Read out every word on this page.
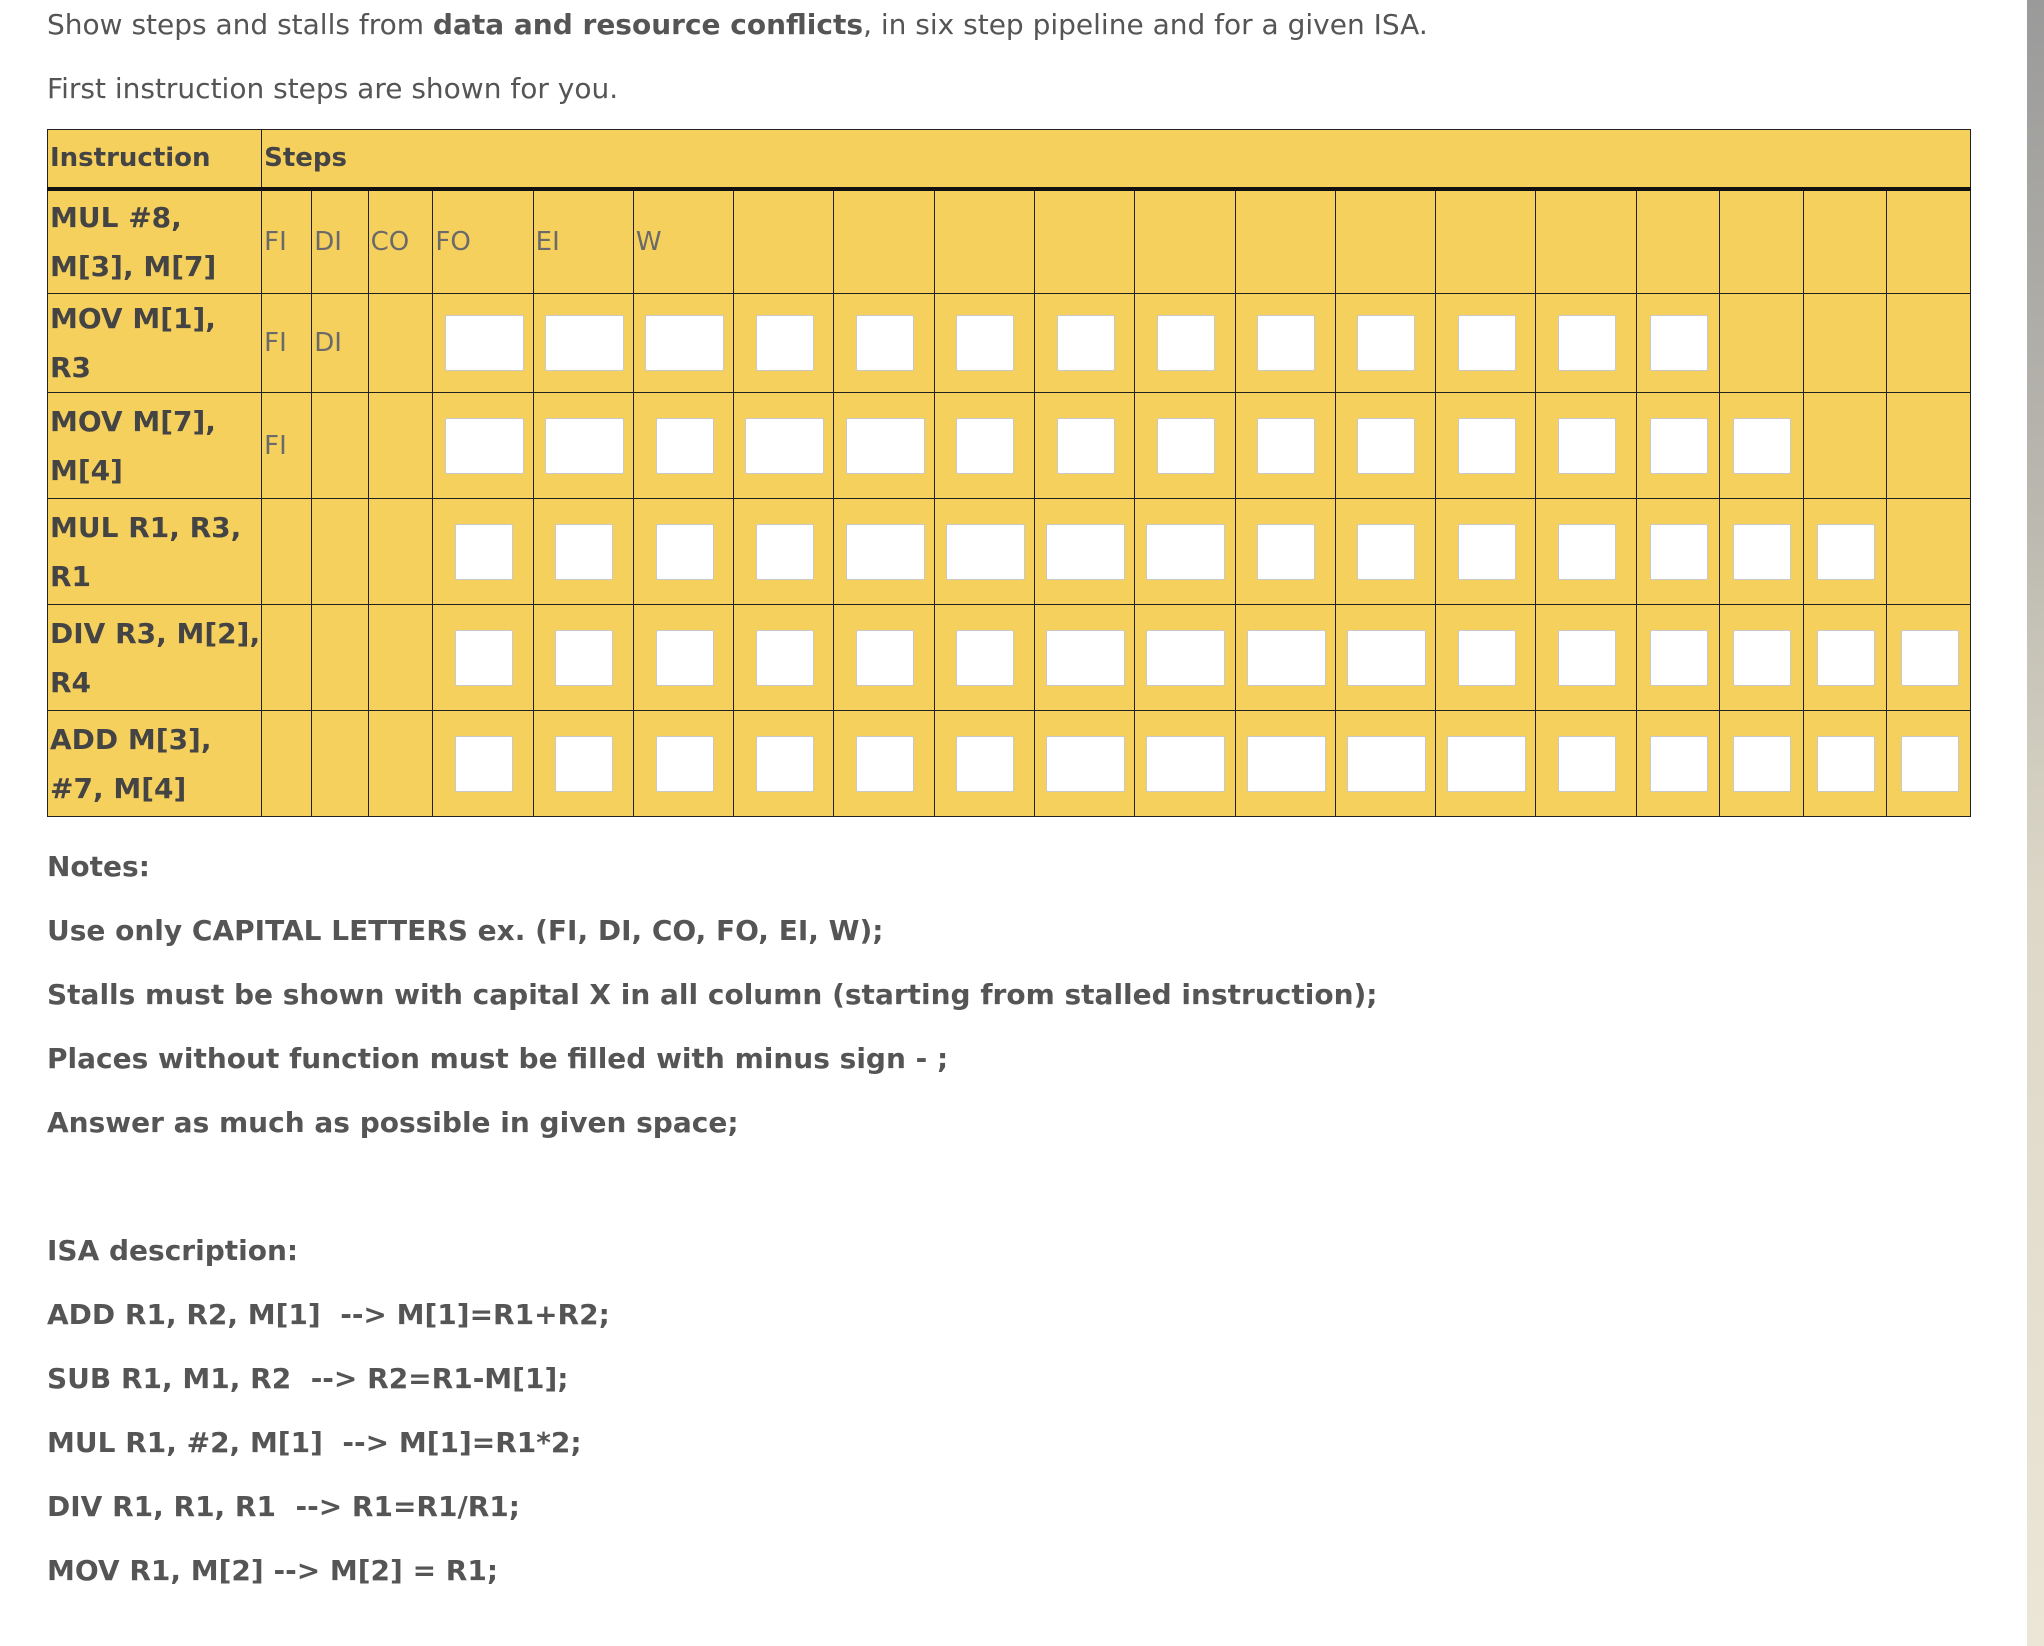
Show steps and stalls from data and resource conflicts, in six step pipeline and for a given ISA.

First instruction steps are shown for you.

Instruction	Steps																		
MUL #8, M[3], M[7]	FI	DI	CO	FO	EI	W													
MOV M[1], R3	FI	DI		

MOV M[7], M[4]	FI			

MUL R1, R3, R1				

DIV R3, M[2], R4				

ADD M[3], #7, M[4]				

Notes:

Use only CAPITAL LETTERS ex. (FI, DI, CO, FO, EI, W);

Stalls must be shown with capital X in all column (starting from stalled instruction);

Places without function must be filled with minus sign - ;

Answer as much as possible in given space;

ISA description:

ADD R1, R2, M[1]  --> M[1]=R1+R2;

SUB R1, M1, R2  --> R2=R1-M[1];

MUL R1, #2, M[1]  --> M[1]=R1*2;

DIV R1, R1, R1  --> R1=R1/R1;

MOV R1, M[2] --> M[2] = R1;
